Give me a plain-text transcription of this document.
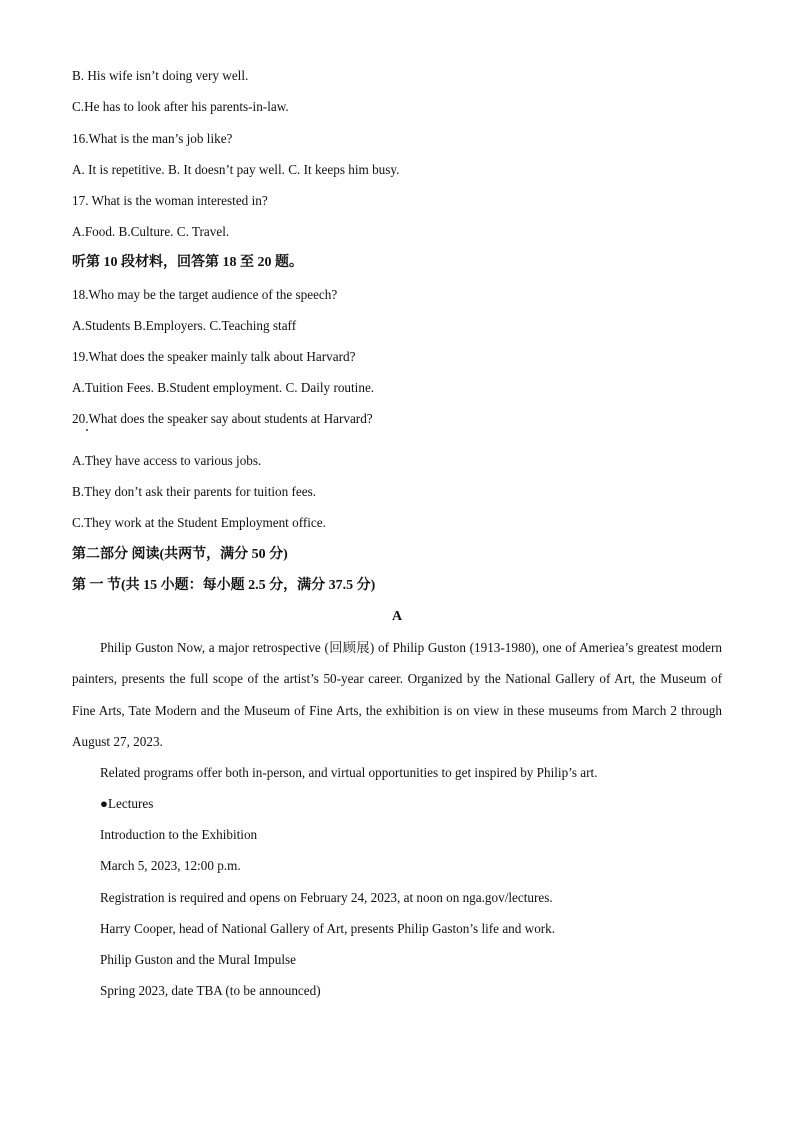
B. His wife isn’t doing very well.
C.He has to look after his parents-in-law.
16.What is the man’s job like?
A. It is repetitive. B. It doesn’t pay well. C. It keeps him busy.
17. What is the woman interested in?
A.Food. B.Culture. C. Travel.
听第 10 段材料，回答第 18 至 20 题。
18.Who may be the target audience of the speech?
A.Students B.Employers. C.Teaching staff
19.What does the speaker mainly talk about Harvard?
A.Tuition Fees. B.Student employment. C. Daily routine.
20.What does the speaker say about students at Harvard?
A.They have access to various jobs.
B.They don’t ask their parents for tuition fees.
C.They work at the Student Employment office.
第二部分 阅读(共两节，满分 50 分)
第 一 节(共 15 小题：每小题 2.5 分，满分 37.5 分)
A
Philip Guston Now, a major retrospective (回顾展) of Philip Guston (1913-1980), one of Ameriea’s greatest modern painters, presents the full scope of the artist’s 50-year career. Organized by the National Gallery of Art, the Museum of Fine Arts, Tate Modern and the Museum of Fine Arts, the exhibition is on view in these museums from March 2 through August 27, 2023.
Related programs offer both in-person, and virtual opportunities to get inspired by Philip’s art.
●Lectures
Introduction to the Exhibition
March 5, 2023, 12:00 p.m.
Registration is required and opens on February 24, 2023, at noon on nga.gov/lectures.
Harry Cooper, head of National Gallery of Art, presents Philip Gaston’s life and work.
Philip Guston and the Mural Impulse
Spring 2023, date TBA (to be announced)
